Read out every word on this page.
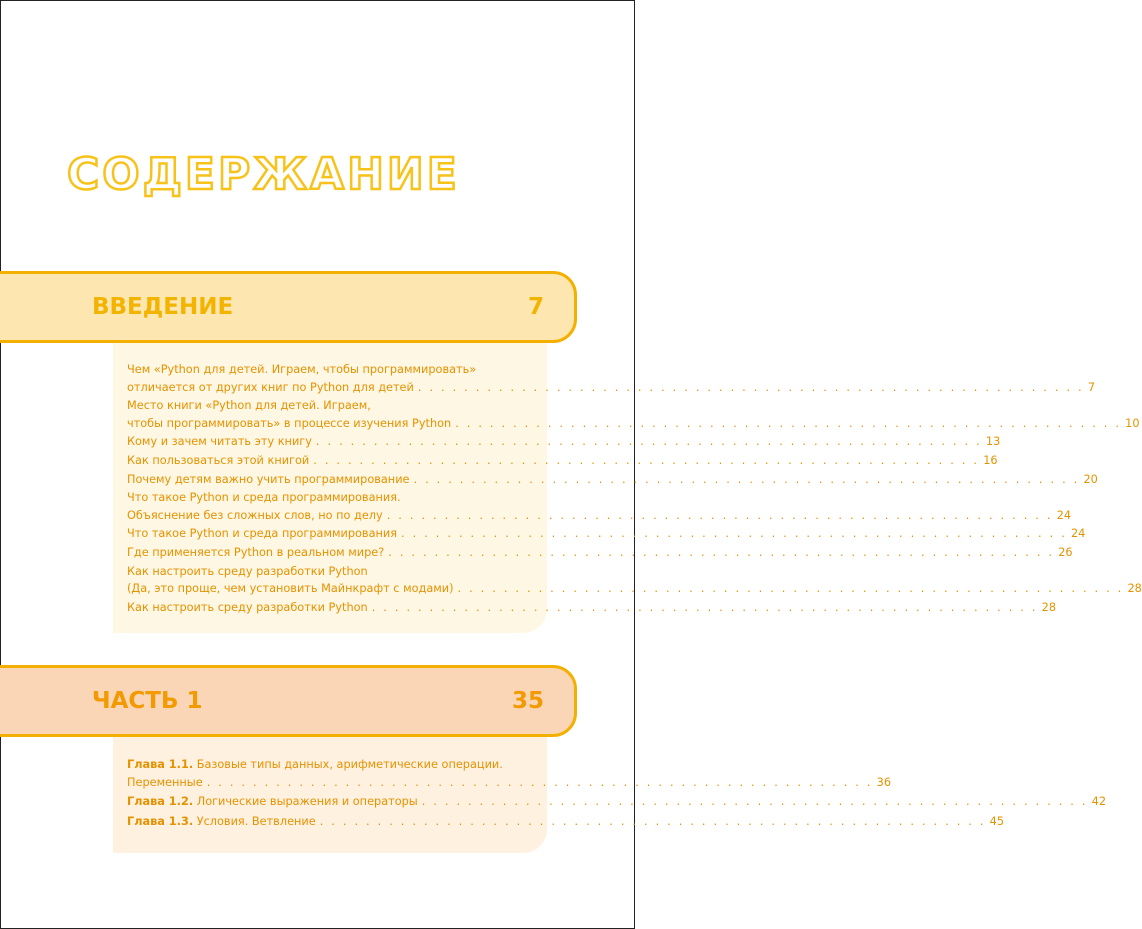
СОДЕРЖАНИЕ
ВВЕДЕНИЕ	7
Чем «Python для детей. Играем, чтобы программировать»
отличается от других книг по Python для детей . . . . . . . . . . . . . . . . . . . . . . . . . . . . . . . . . . . . . . . . . . . . . . . . . . . . . . . . . . 7
Место книги «Python для детей. Играем,
чтобы программировать» в процессе изучения Python . . . . . . . . . . . . . . . . . . . . . . . . . . . . . . . . . . . . . . . . . . . . . . . . . . . . . . . . . . 10
Кому и зачем читать эту книгу . . . . . . . . . . . . . . . . . . . . . . . . . . . . . . . . . . . . . . . . . . . . . . . . . . . . . . . . . . 13
Как пользоваться этой книгой . . . . . . . . . . . . . . . . . . . . . . . . . . . . . . . . . . . . . . . . . . . . . . . . . . . . . . . . . . 16
Почему детям важно учить программирование . . . . . . . . . . . . . . . . . . . . . . . . . . . . . . . . . . . . . . . . . . . . . . . . . . . . . . . . . . 20
Что такое Python и среда программирования.
Объяснение без сложных слов, но по делу . . . . . . . . . . . . . . . . . . . . . . . . . . . . . . . . . . . . . . . . . . . . . . . . . . . . . . . . . . 24
Что такое Python и среда программирования . . . . . . . . . . . . . . . . . . . . . . . . . . . . . . . . . . . . . . . . . . . . . . . . . . . . . . . . . . 24
Где применяется Python в реальном мире? . . . . . . . . . . . . . . . . . . . . . . . . . . . . . . . . . . . . . . . . . . . . . . . . . . . . . . . . . . 26
Как настроить среду разработки Python
(Да, это проще, чем установить Майнкрафт с модами) . . . . . . . . . . . . . . . . . . . . . . . . . . . . . . . . . . . . . . . . . . . . . . . . . . . . . . . . . . 28
Как настроить среду разработки Python . . . . . . . . . . . . . . . . . . . . . . . . . . . . . . . . . . . . . . . . . . . . . . . . . . . . . . . . . . 28
ЧАСТЬ 1	35
Глава 1.1. Базовые типы данных, арифметические операции.
Переменные . . . . . . . . . . . . . . . . . . . . . . . . . . . . . . . . . . . . . . . . . . . . . . . . . . . . . . . . . . 36
Глава 1.2. Логические выражения и операторы . . . . . . . . . . . . . . . . . . . . . . . . . . . . . . . . . . . . . . . . . . . . . . . . . . . . . . . . . . 42
Глава 1.3. Условия. Ветвление . . . . . . . . . . . . . . . . . . . . . . . . . . . . . . . . . . . . . . . . . . . . . . . . . . . . . . . . . . 45
